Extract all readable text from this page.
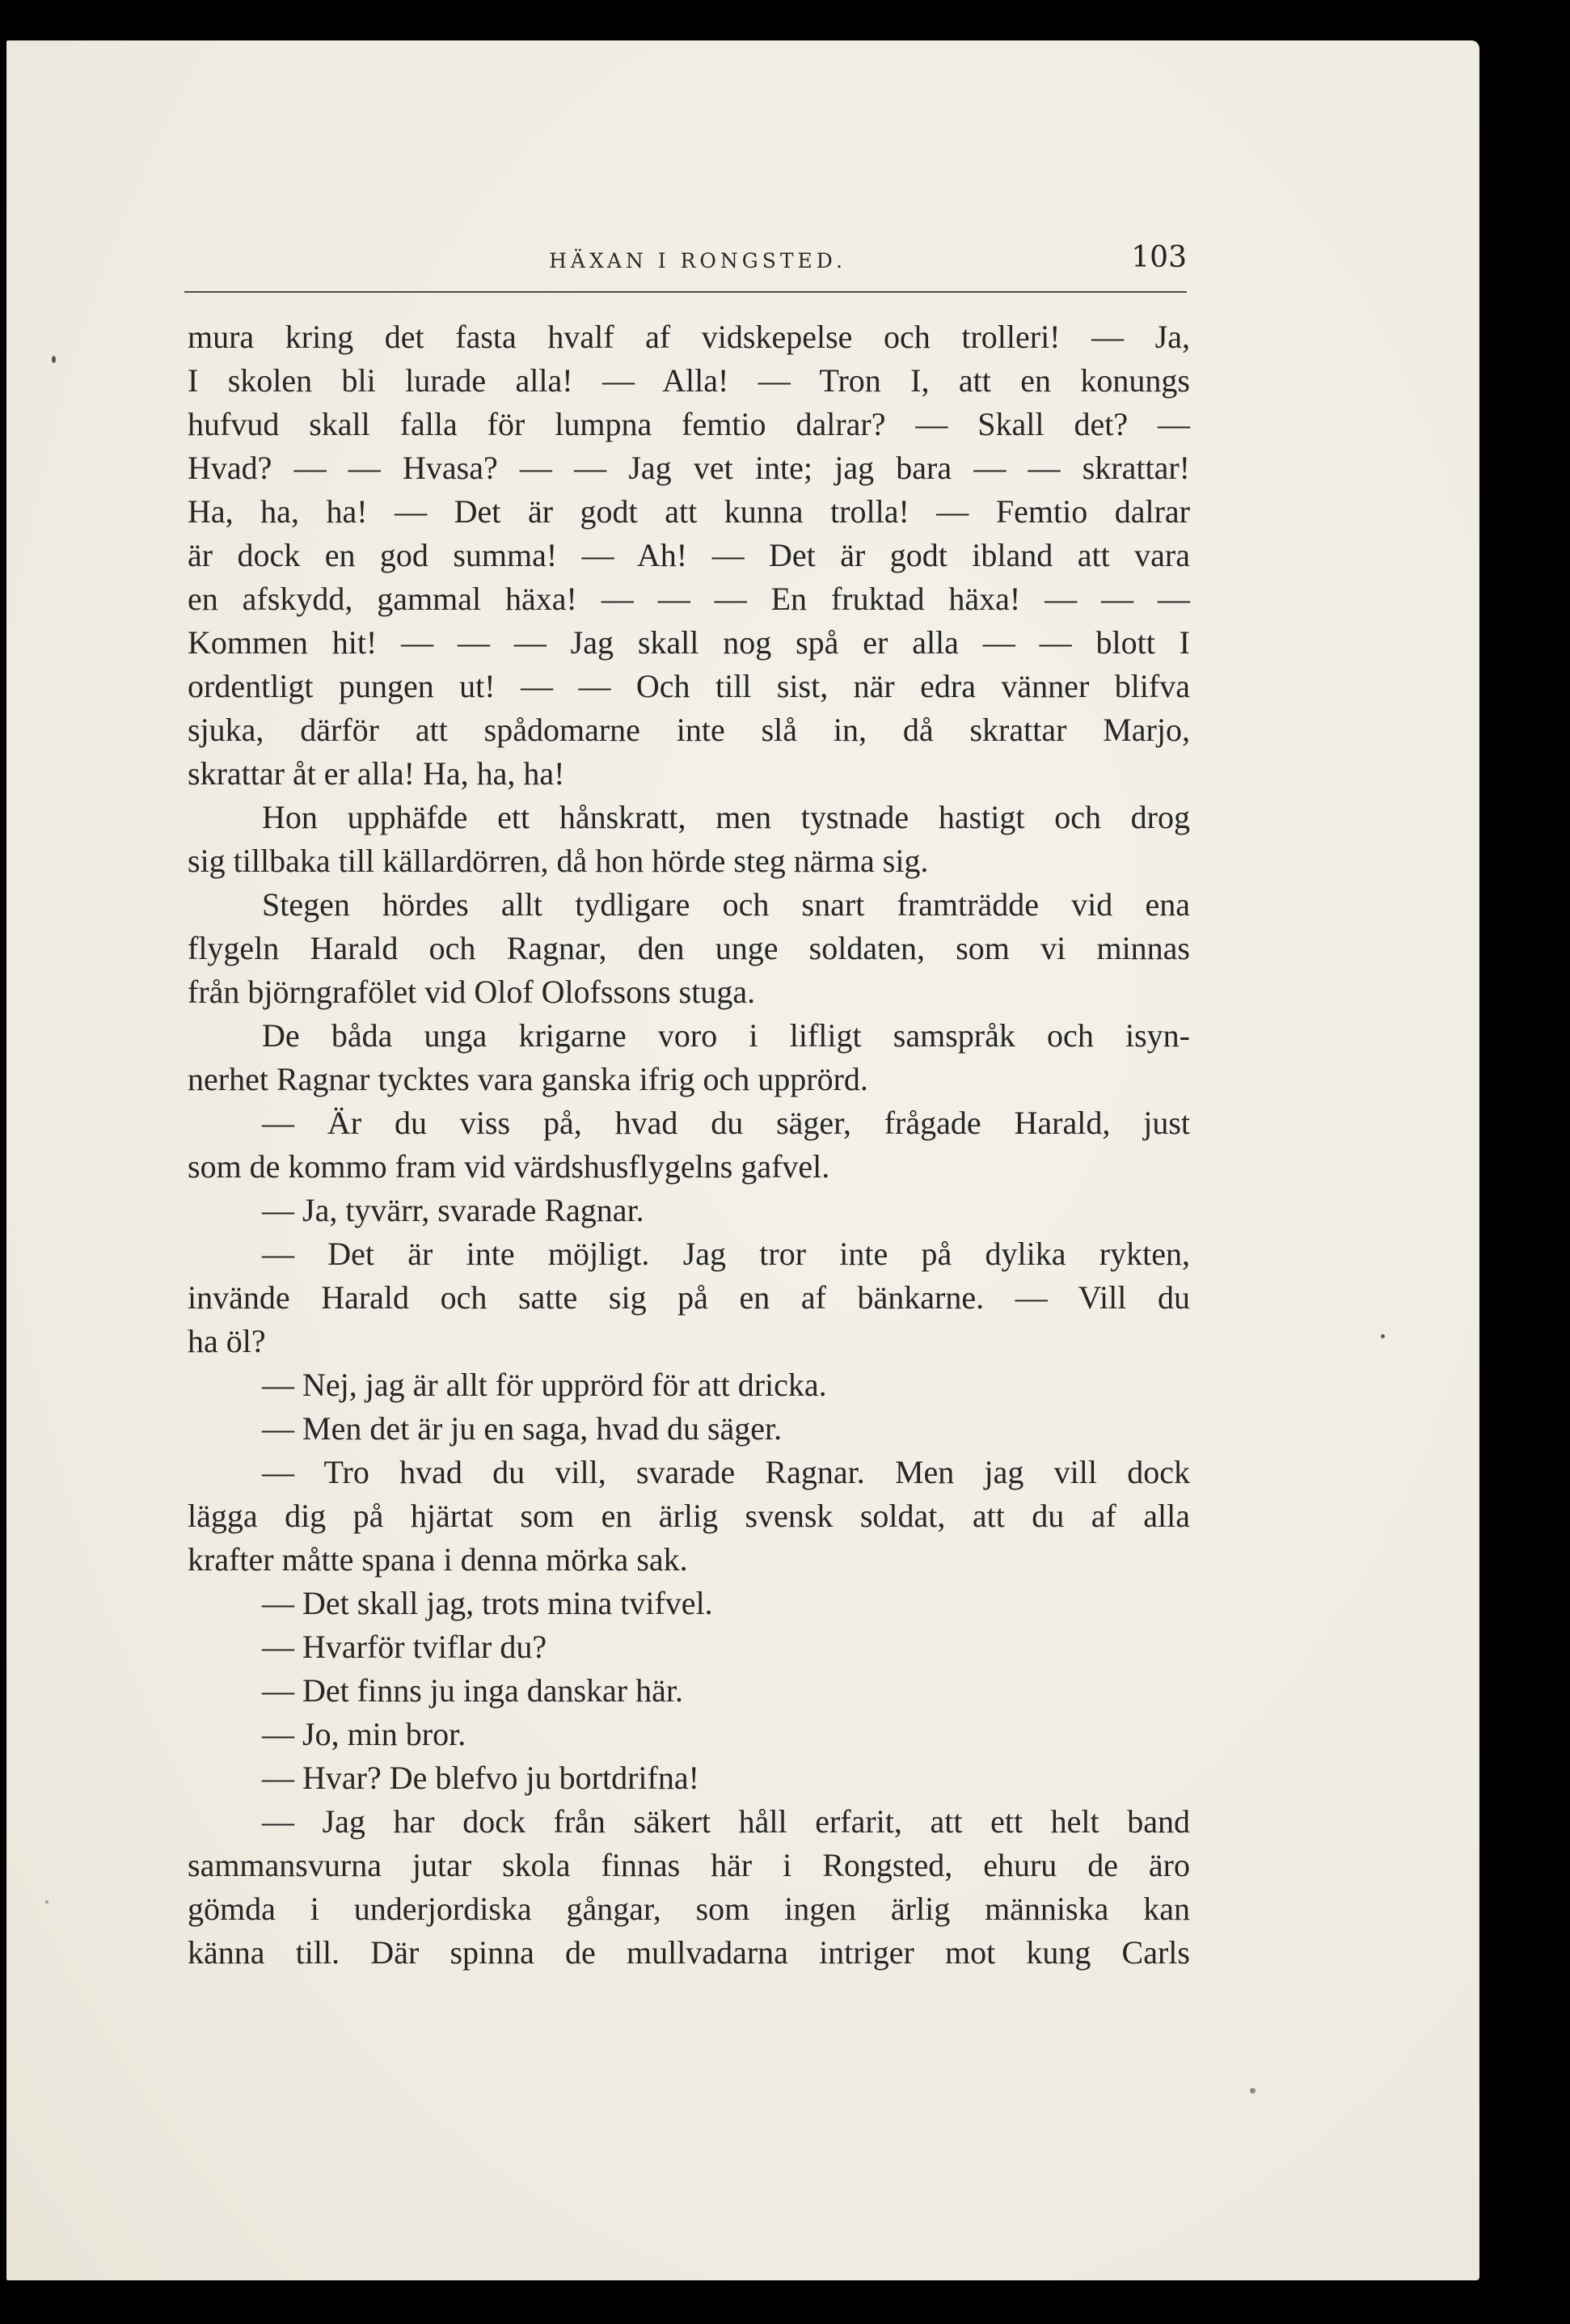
HÄXAN I RONGSTED.	103
mura kring det fasta hvalf af vidskepelse och trolleri! — Ja,
I skolen bli lurade alla! — Alla! — Tron I, att en konungs
hufvud skall falla för lumpna femtio dalrar? — Skall det? —
Hvad? — — Hvasa? — — Jag vet inte; jag bara — — skrattar!
Ha, ha, ha! — Det är godt att kunna trolla! — Femtio dalrar
är dock en god summa! — Ah! — Det är godt ibland att vara
en afskydd, gammal häxa! — — — En fruktad häxa! — — —
Kommen hit! — — — Jag skall nog spå er alla — — blott I
ordentligt pungen ut! — — Och till sist, när edra vänner blifva
sjuka, därför att spådomarne inte slå in, då skrattar Marjo,
skrattar åt er alla! Ha, ha, ha!
Hon upphäfde ett hånskratt, men tystnade hastigt och drog
sig tillbaka till källardörren, då hon hörde steg närma sig.
Stegen hördes allt tydligare och snart framträdde vid ena
flygeln Harald och Ragnar, den unge soldaten, som vi minnas
från björngrafölet vid Olof Olofssons stuga.
De båda unga krigarne voro i lifligt samspråk och isyn-
nerhet Ragnar tycktes vara ganska ifrig och upprörd.
— Är du viss på, hvad du säger, frågade Harald, just
som de kommo fram vid värdshusflygelns gafvel.
— Ja, tyvärr, svarade Ragnar.
— Det är inte möjligt. Jag tror inte på dylika rykten,
invände Harald och satte sig på en af bänkarne. — Vill du
ha öl?
— Nej, jag är allt för upprörd för att dricka.
— Men det är ju en saga, hvad du säger.
— Tro hvad du vill, svarade Ragnar. Men jag vill dock
lägga dig på hjärtat som en ärlig svensk soldat, att du af alla
krafter måtte spana i denna mörka sak.
— Det skall jag, trots mina tvifvel.
— Hvarför tviflar du?
— Det finns ju inga danskar här.
— Jo, min bror.
— Hvar? De blefvo ju bortdrifna!
— Jag har dock från säkert håll erfarit, att ett helt band
sammansvurna jutar skola finnas här i Rongsted, ehuru de äro
gömda i underjordiska gångar, som ingen ärlig människa kan
känna till. Där spinna de mullvadarna intriger mot kung Carls
